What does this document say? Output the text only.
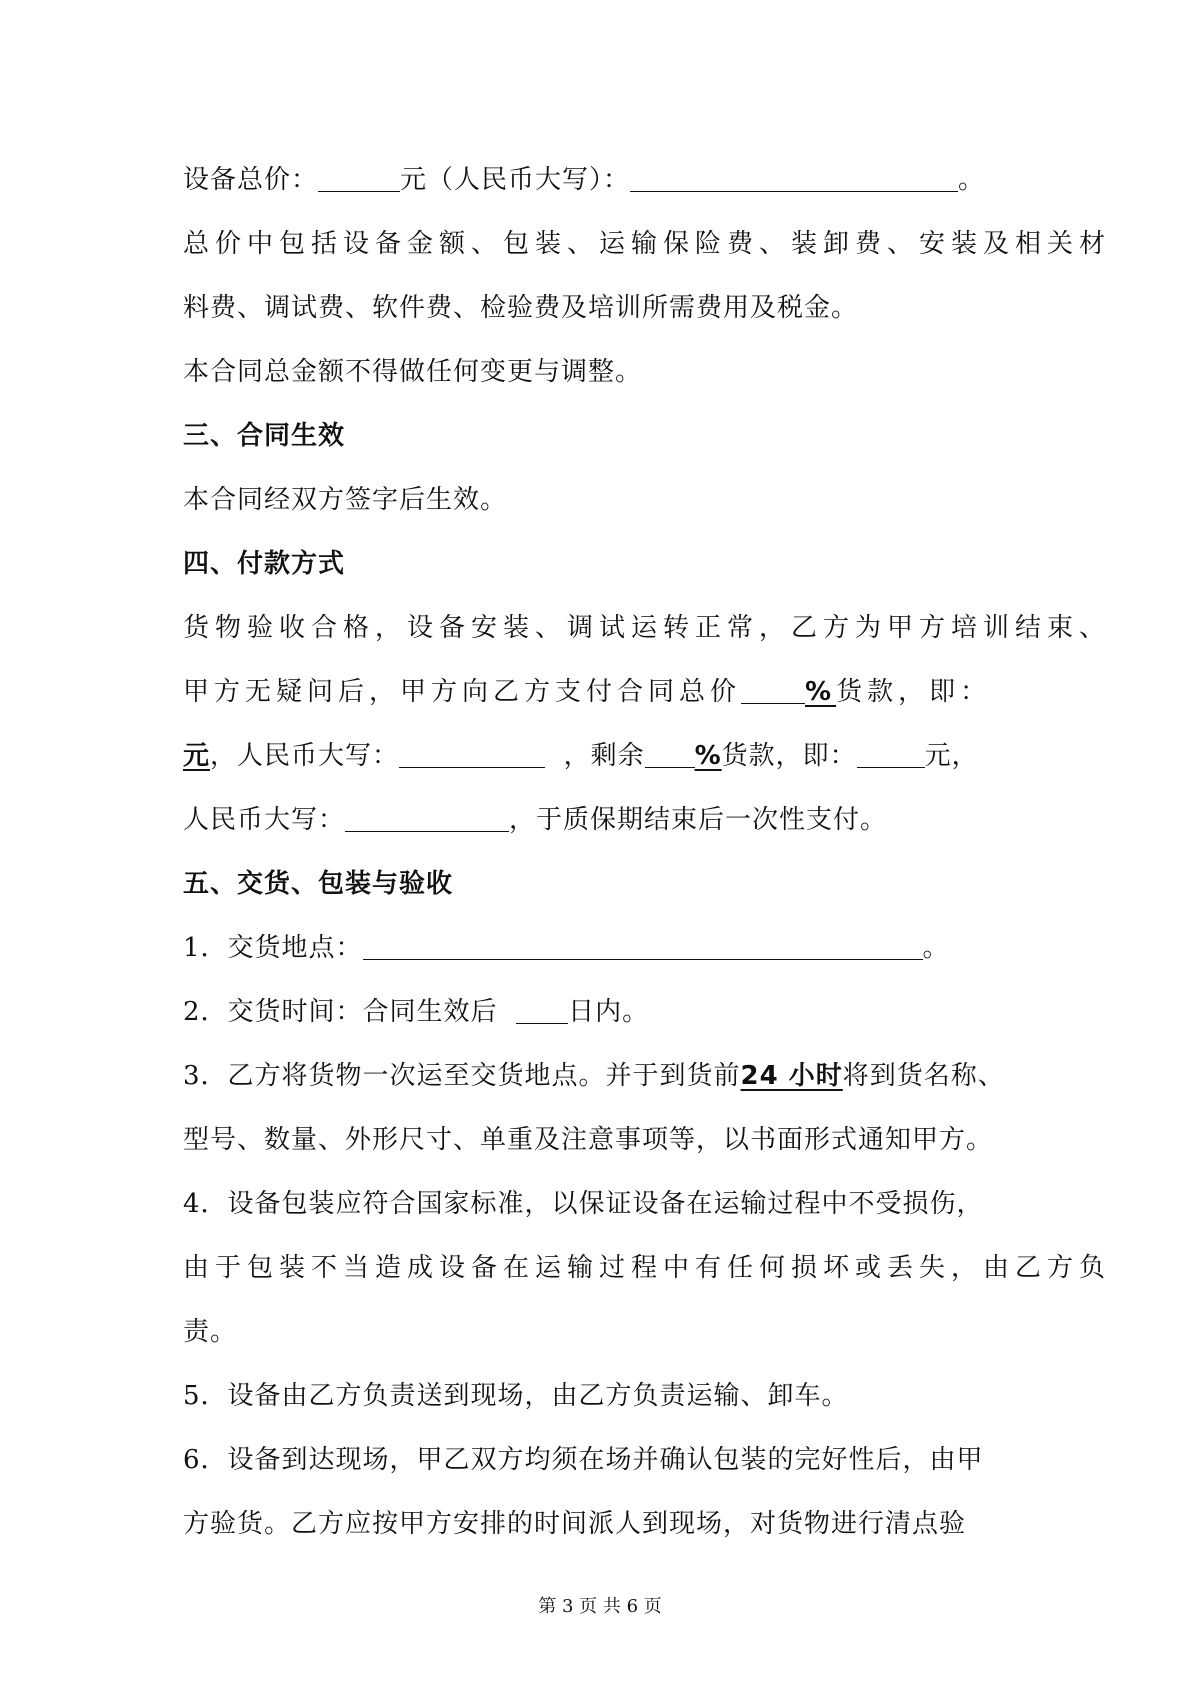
设备总价：	元（人民币大写）：	。
总价中包括设备金额、包装、运输保险费、装卸费、安装及相关材
料费、调试费、软件费、检验费及培训所需费用及税金。
本合同总金额不得做任何变更与调整。
三、合同生效
本合同经双方签字后生效。
四、付款方式
货物验收合格，设备安装、调试运转正常，乙方为甲方培训结束、
甲方无疑问后，甲方向乙方支付合同总价 %货款，即：
元，人民币大写：	，剩余 %货款，即：	元，
人民币大写：	，于质保期结束后一次性支付。
五、交货、包装与验收
1．交货地点：	。
2．交货时间：合同生效后	日内。
3．乙方将货物一次运至交货地点。并于到货前24 小时将到货名称、
型号、数量、外形尺寸、单重及注意事项等，以书面形式通知甲方。
4．设备包装应符合国家标准，以保证设备在运输过程中不受损伤，
由于包装不当造成设备在运输过程中有任何损坏或丢失，由乙方负
责。
5．设备由乙方负责送到现场，由乙方负责运输、卸车。
6．设备到达现场，甲乙双方均须在场并确认包装的完好性后，由甲
方验货。乙方应按甲方安排的时间派人到现场，对货物进行清点验
第 3 页 共 6 页
